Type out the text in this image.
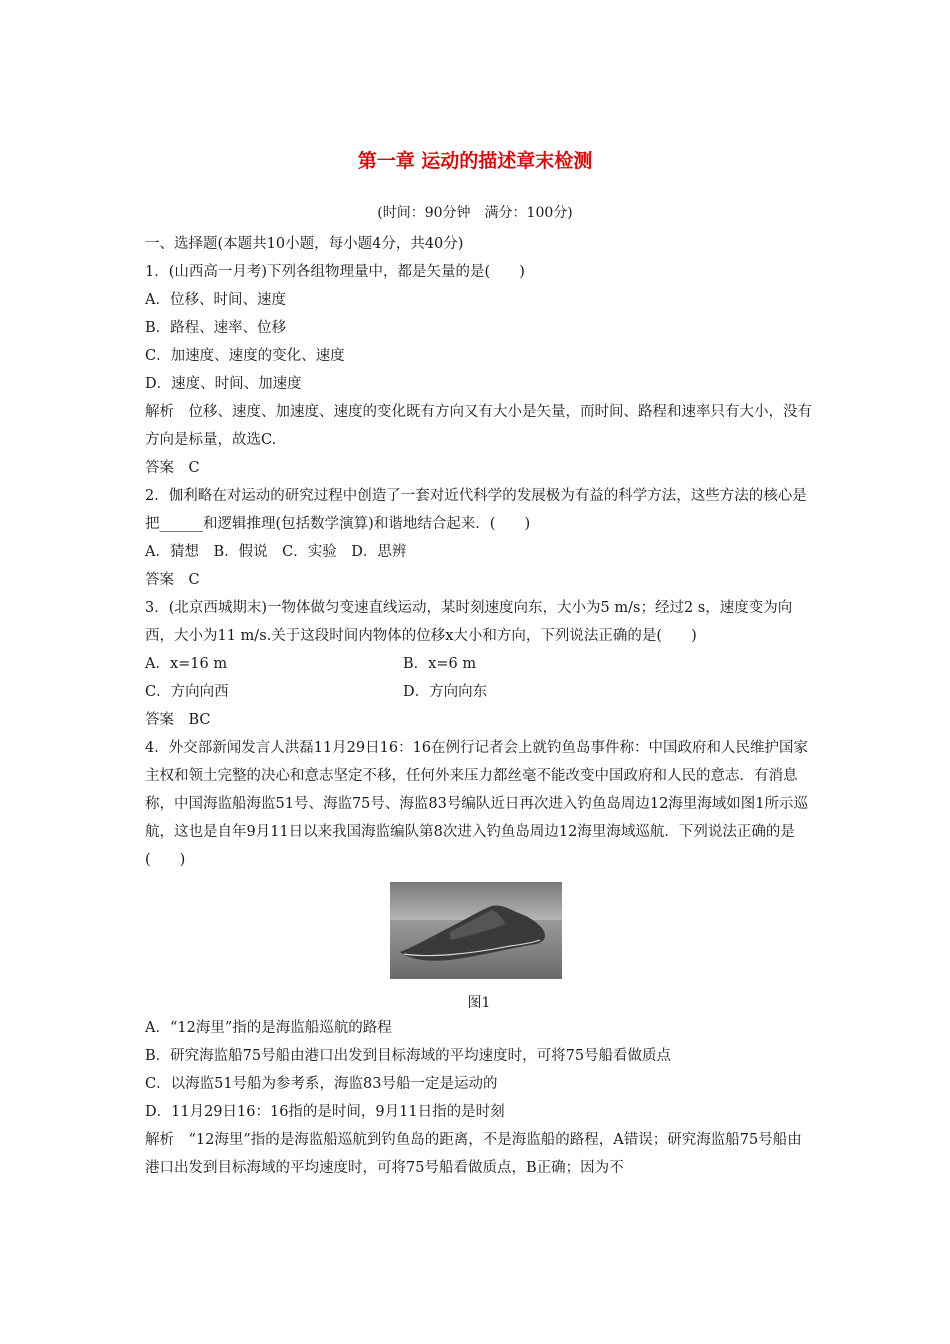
第一章 运动的描述章末检测
(时间：90分钟　满分：100分)
一、选择题(本题共10小题，每小题4分，共40分)
1．(山西高一月考)下列各组物理量中，都是矢量的是(　　)
A．位移、时间、速度
B．路程、速率、位移
C．加速度、速度的变化、速度
D．速度、时间、加速度
解析　位移、速度、加速度、速度的变化既有方向又有大小是矢量，而时间、路程和速率只有大小，没有方向是标量，故选C.
答案　C
2．伽利略在对运动的研究过程中创造了一套对近代科学的发展极为有益的科学方法，这些方法的核心是把______和逻辑推理(包括数学演算)和谐地结合起来．(　　)
A．猜想　B．假说　C．实验　D．思辨
答案　C
3．(北京西城期末)一物体做匀变速直线运动，某时刻速度向东，大小为5 m/s；经过2 s，速度变为向西，大小为11 m/s.关于这段时间内物体的位移x大小和方向，下列说法正确的是(　　)
A．x=16 m	B．x=6 m
C．方向向西	D．方向向东
答案　BC
4．外交部新闻发言人洪磊11月29日16：16在例行记者会上就钓鱼岛事件称：中国政府和人民维护国家主权和领土完整的决心和意志坚定不移，任何外来压力都丝毫不能改变中国政府和人民的意志．有消息称，中国海监船海监51号、海监75号、海监83号编队近日再次进入钓鱼岛周边12海里海域如图1所示巡航，这也是自年9月11日以来我国海监编队第8次进入钓鱼岛周边12海里海域巡航．下列说法正确的是(　　)
图1
A．“12海里”指的是海监船巡航的路程
B．研究海监船75号船由港口出发到目标海域的平均速度时，可将75号船看做质点
C．以海监51号船为参考系，海监83号船一定是运动的
D．11月29日16：16指的是时间，9月11日指的是时刻
解析　“12海里”指的是海监船巡航到钓鱼岛的距离，不是海监船的路程，A错误；研究海监船75号船由港口出发到目标海域的平均速度时，可将75号船看做质点，B正确；因为不
